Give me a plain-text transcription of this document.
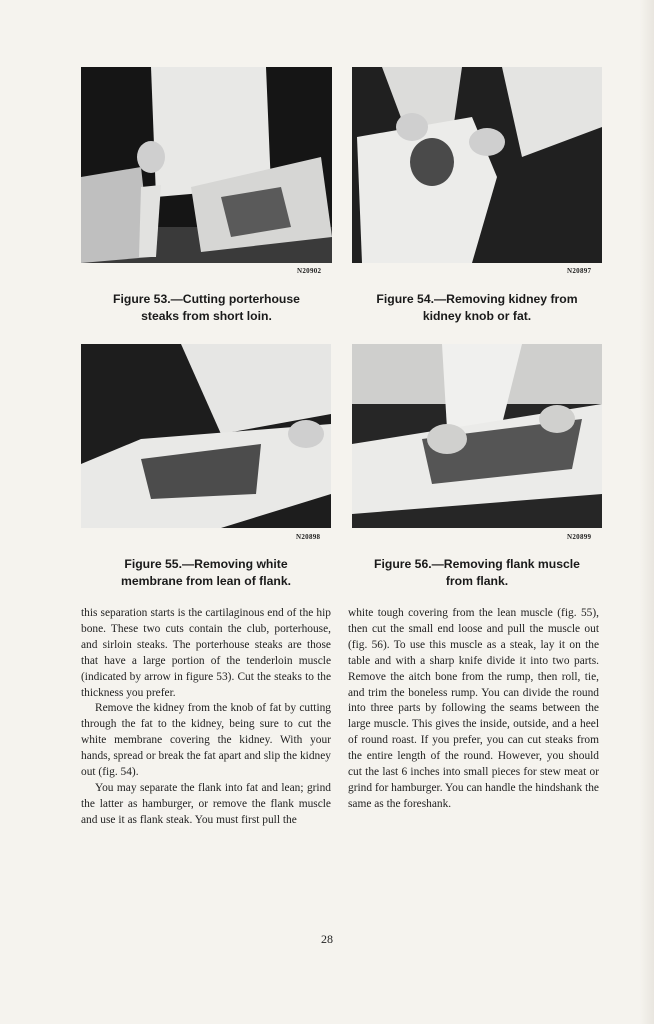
N20902
Figure 53.—Cutting porterhouse
steaks from short loin.
N20897
Figure 54.—Removing kidney from
kidney knob or fat.
N20898
Figure 55.—Removing white
membrane from lean of flank.
N20899
Figure 56.—Removing flank muscle
from flank.

this separation starts is the cartilaginous end of the hip bone. These two cuts contain the club, porterhouse, and sirloin steaks. The porterhouse steaks are those that have a large portion of the tenderloin muscle (indicated by arrow in figure 53). Cut the steaks to the thickness you prefer.

Remove the kidney from the knob of fat by cutting through the fat to the kidney, being sure to cut the white membrane covering the kidney. With your hands, spread or break the fat apart and slip the kidney out (fig. 54).

You may separate the flank into fat and lean; grind the latter as hamburger, or remove the flank muscle and use it as flank steak. You must first pull the

white tough covering from the lean muscle (fig. 55), then cut the small end loose and pull the muscle out (fig. 56). To use this muscle as a steak, lay it on the table and with a sharp knife divide it into two parts. Remove the aitch bone from the rump, then roll, tie, and trim the boneless rump. You can divide the round into three parts by following the seams between the large muscle. This gives the inside, outside, and a heel of round roast. If you prefer, you can cut steaks from the entire length of the round. However, you should cut the last 6 inches into small pieces for stew meat or grind for hamburger. You can handle the hindshank the same as the foreshank.

28
